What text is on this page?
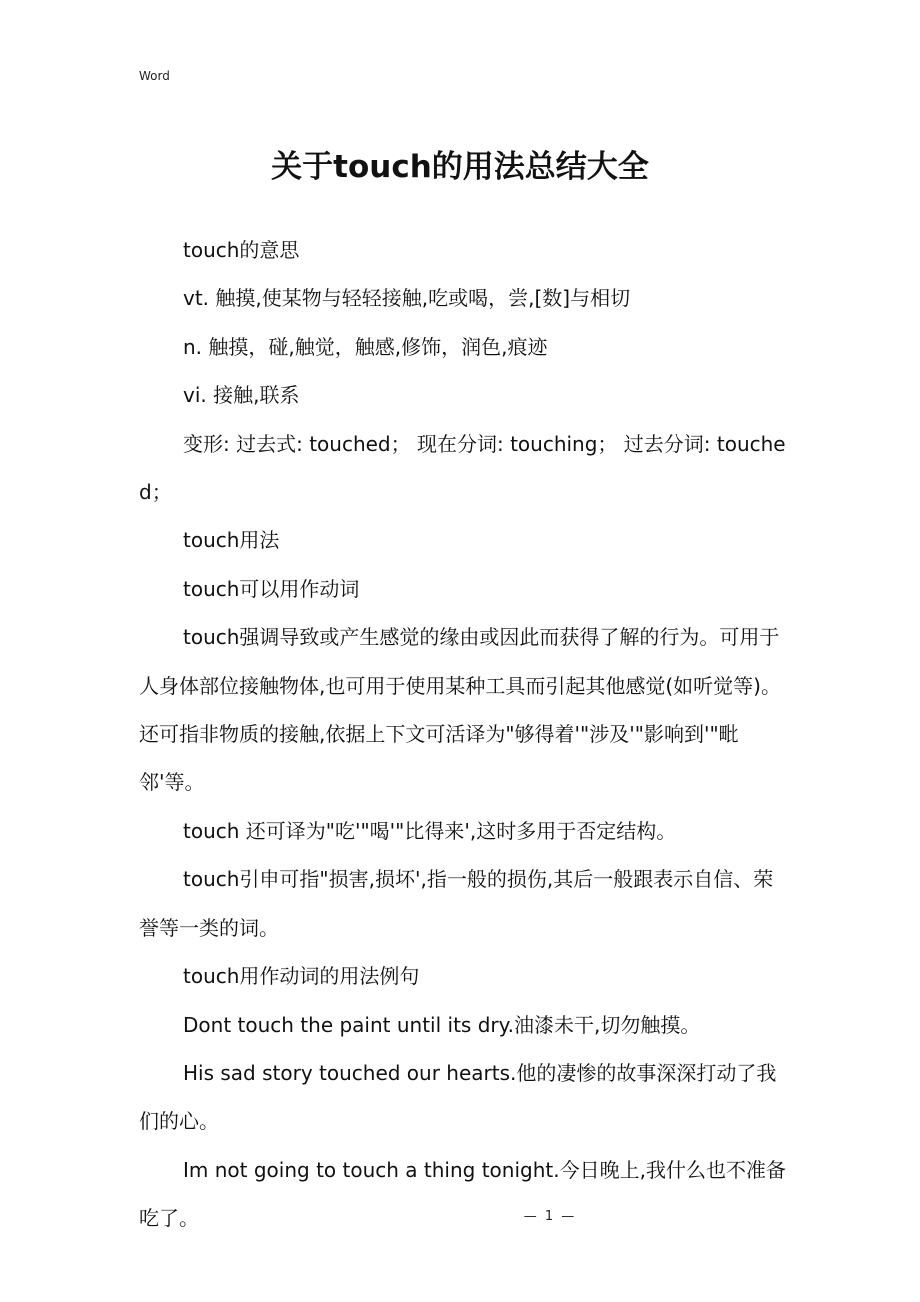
Word
关于touch的用法总结大全

touch的意思

vt. 触摸,使某物与轻轻接触,吃或喝，尝,[数]与相切

n. 触摸，碰,触觉，触感,修饰，润色,痕迹

vi. 接触,联系

变形: 过去式: touched； 现在分词: touching； 过去分词: touched；

touch用法

touch可以用作动词

touch强调导致或产生感觉的缘由或因此而获得了解的行为。可用于人身体部位接触物体,也可用于使用某种工具而引起其他感觉(如听觉等)。还可指非物质的接触,依据上下文可活译为"够得着'"涉及'"影响到'"毗邻'等。

touch 还可译为"吃'"喝'"比得来',这时多用于否定结构。

touch引申可指"损害,损坏',指一般的损伤,其后一般跟表示自信、荣誉等一类的词。

touch用作动词的用法例句

Dont touch the paint until its dry.油漆未干,切勿触摸。

His sad story touched our hearts.他的凄惨的故事深深打动了我们的心。

Im not going to touch a thing tonight.今日晚上,我什么也不准备吃了。	— 1 —
